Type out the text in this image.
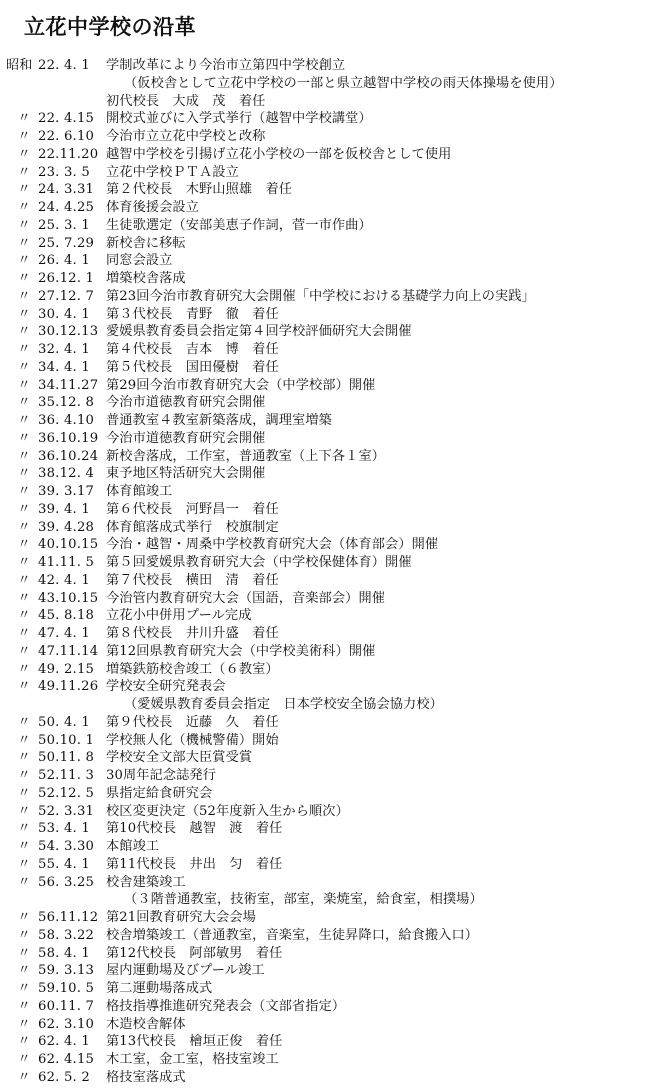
立花中学校の沿革
昭和 22. 4. 1	学制改革により今治市立第四中学校創立
（仮校舎として立花中学校の一部と県立越智中学校の雨天体操場を使用）
初代校長　大成　茂　着任
〃 22. 4.15 開校式並びに入学式挙行（越智中学校講堂）
〃 22. 6.10 今治市立立花中学校と改称
〃 22.11.20 越智中学校を引揚げ立花小学校の一部を仮校舎として使用
〃 23. 3. 5	立花中学校ＰＴＡ設立
〃 24. 3.31 第２代校長　木野山照雄　着任
〃 24. 4.25 体育後援会設立
〃 25. 3. 1	生徒歌選定（安部美恵子作詞，菅一市作曲）
〃 25. 7.29 新校舎に移転
〃 26. 4. 1	同窓会設立
〃 26.12. 1 増築校舎落成
〃 27.12. 7 第23回今治市教育研究大会開催「中学校における基礎学力向上の実践」
〃 30. 4. 1	第３代校長　青野　徹　着任
〃 30.12.13 愛媛県教育委員会指定第４回学校評価研究大会開催
〃 32. 4. 1	第４代校長　吉本　博　着任
〃 34. 4. 1	第５代校長　国田優樹　着任
〃 34.11.27 第29回今治市教育研究大会（中学校部）開催
〃 35.12. 8 今治市道徳教育研究会開催
〃 36. 4.10 普通教室４教室新築落成，調理室増築
〃 36.10.19 今治市道徳教育研究会開催
〃 36.10.24 新校舎落成，工作室，普通教室（上下各１室）
〃 38.12. 4 東予地区特活研究大会開催
〃 39. 3.17 体育館竣工
〃 39. 4. 1	第６代校長　河野昌一　着任
〃 39. 4.28 体育館落成式挙行　校旗制定
〃 40.10.15 今治・越智・周桑中学校教育研究大会（体育部会）開催
〃 41.11. 5 第５回愛媛県教育研究大会（中学校保健体育）開催
〃 42. 4. 1	第７代校長　横田　清　着任
〃 43.10.15 今治管内教育研究大会（国語，音楽部会）開催
〃 45. 8.18 立花小中併用プール完成
〃 47. 4. 1	第８代校長　井川升盛　着任
〃 47.11.14 第12回県教育研究大会（中学校美術科）開催
〃 49. 2.15 増築鉄筋校舎竣工（６教室）
〃 49.11.26 学校安全研究発表会
（愛媛県教育委員会指定　日本学校安全協会協力校）
〃 50. 4. 1	第９代校長　近藤　久　着任
〃 50.10. 1 学校無人化（機械警備）開始
〃 50.11. 8 学校安全文部大臣賞受賞
〃 52.11. 3 30周年記念誌発行
〃 52.12. 5 県指定給食研究会
〃 52. 3.31 校区変更決定（52年度新入生から順次）
〃 53. 4. 1	第10代校長　越智　渡　着任
〃 54. 3.30 本館竣工
〃 55. 4. 1	第11代校長　井出　匀　着任
〃 56. 3.25 校舎建築竣工
（３階普通教室，技術室，部室，楽焼室，給食室，相撲場）
〃 56.11.12 第21回教育研究大会会場
〃 58. 3.22 校舎増築竣工（普通教室，音楽室，生徒昇降口，給食搬入口）
〃 58. 4. 1	第12代校長　阿部敏男　着任
〃 59. 3.13 屋内運動場及びプール竣工
〃 59.10. 5 第二運動場落成式
〃 60.11. 7 格技指導推進研究発表会（文部省指定）
〃 62. 3.10 木造校舎解体
〃 62. 4. 1	第13代校長　檜垣正俊　着任
〃 62. 4.15 木工室，金工室，格技室竣工
〃 62. 5. 2	格技室落成式
